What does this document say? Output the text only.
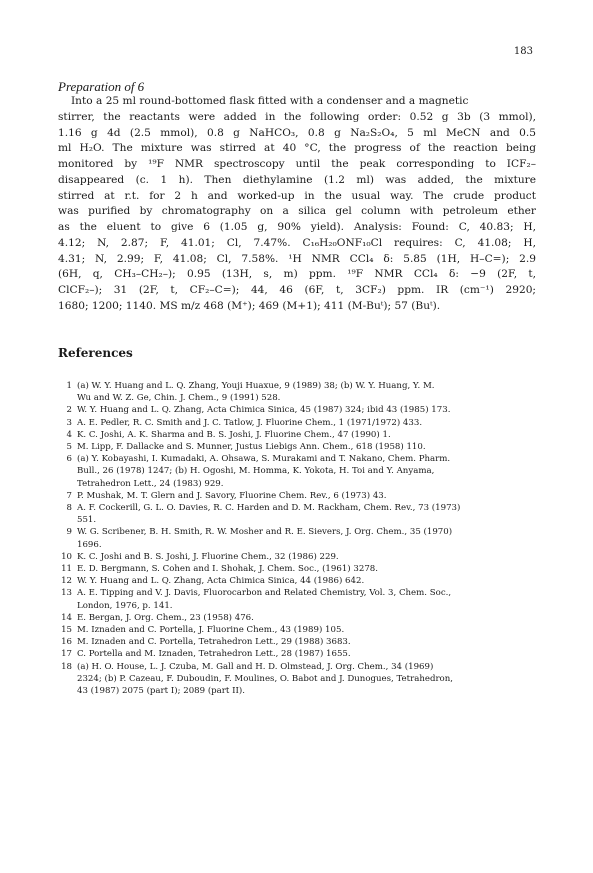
183
Preparation of 6
Into a 25 ml round-bottomed flask fitted with a condenser and a magnetic
stirrer, the reactants were added in the following order: 0.52 g 3b (3 mmol),
1.16 g 4d (2.5 mmol), 0.8 g NaHCO₃, 0.8 g Na₂S₂O₄, 5 ml MeCN and 0.5
ml H₂O. The mixture was stirred at 40 °C, the progress of the reaction being
monitored by ¹⁹F NMR spectroscopy until the peak corresponding to ICF₂–
disappeared (c. 1 h). Then diethylamine (1.2 ml) was added, the mixture
stirred at r.t. for 2 h and worked-up in the usual way. The crude product
was purified by chromatography on a silica gel column with petroleum ether
as the eluent to give 6 (1.05 g, 90% yield). Analysis: Found: C, 40.83; H,
4.12; N, 2.87; F, 41.01; Cl, 7.47%. C₁₆H₂₀ONF₁₀Cl requires: C, 41.08; H,
4.31; N, 2.99; F, 41.08; Cl, 7.58%. ¹H NMR CCl₄ δ: 5.85 (1H, H–C=); 2.9
(6H, q, CH₃–CH₂–); 0.95 (13H, s, m) ppm. ¹⁹F NMR CCl₄ δ: −9 (2F, t,
ClCF₂–); 31 (2F, t, CF₂–C=); 44, 46 (6F, t, 3CF₂) ppm. IR (cm⁻¹) 2920;
1680; 1200; 1140. MS m/z 468 (M⁺); 469 (M+1); 411 (M-Buᵗ); 57 (Buᵗ).
References
1 (a) W. Y. Huang and L. Q. Zhang, Youji Huaxue, 9 (1989) 38; (b) W. Y. Huang, Y. M.
Wu and W. Z. Ge, Chin. J. Chem., 9 (1991) 528.
2 W. Y. Huang and L. Q. Zhang, Acta Chimica Sinica, 45 (1987) 324; ibid 43 (1985) 173.
3 A. E. Pedler, R. C. Smith and J. C. Tatlow, J. Fluorine Chem., 1 (1971/1972) 433.
4 K. C. Joshi, A. K. Sharma and B. S. Joshi, J. Fluorine Chem., 47 (1990) 1.
5 M. Lipp, F. Dallacke and S. Munner, Justus Liebigs Ann. Chem., 618 (1958) 110.
6 (a) Y. Kobayashi, I. Kumadaki, A. Ohsawa, S. Murakami and T. Nakano, Chem. Pharm.
Bull., 26 (1978) 1247; (b) H. Ogoshi, M. Homma, K. Yokota, H. Toi and Y. Anyama,
Tetrahedron Lett., 24 (1983) 929.
7 P. Mushak, M. T. Glern and J. Savory, Fluorine Chem. Rev., 6 (1973) 43.
8 A. F. Cockerill, G. L. O. Davies, R. C. Harden and D. M. Rackham, Chem. Rev., 73 (1973)
551.
9 W. G. Scribener, B. H. Smith, R. W. Mosher and R. E. Sievers, J. Org. Chem., 35 (1970)
1696.
10 K. C. Joshi and B. S. Joshi, J. Fluorine Chem., 32 (1986) 229.
11 E. D. Bergmann, S. Cohen and I. Shohak, J. Chem. Soc., (1961) 3278.
12 W. Y. Huang and L. Q. Zhang, Acta Chimica Sinica, 44 (1986) 642.
13 A. E. Tipping and V. J. Davis, Fluorocarbon and Related Chemistry, Vol. 3, Chem. Soc.,
London, 1976, p. 141.
14 E. Bergan, J. Org. Chem., 23 (1958) 476.
15 M. Iznaden and C. Portella, J. Fluorine Chem., 43 (1989) 105.
16 M. Iznaden and C. Portella, Tetrahedron Lett., 29 (1988) 3683.
17 C. Portella and M. Iznaden, Tetrahedron Lett., 28 (1987) 1655.
18 (a) H. O. House, L. J. Czuba, M. Gall and H. D. Olmstead, J. Org. Chem., 34 (1969)
2324; (b) P. Cazeau, F. Duboudin, F. Moulines, O. Babot and J. Dunogues, Tetrahedron,
43 (1987) 2075 (part I); 2089 (part II).
